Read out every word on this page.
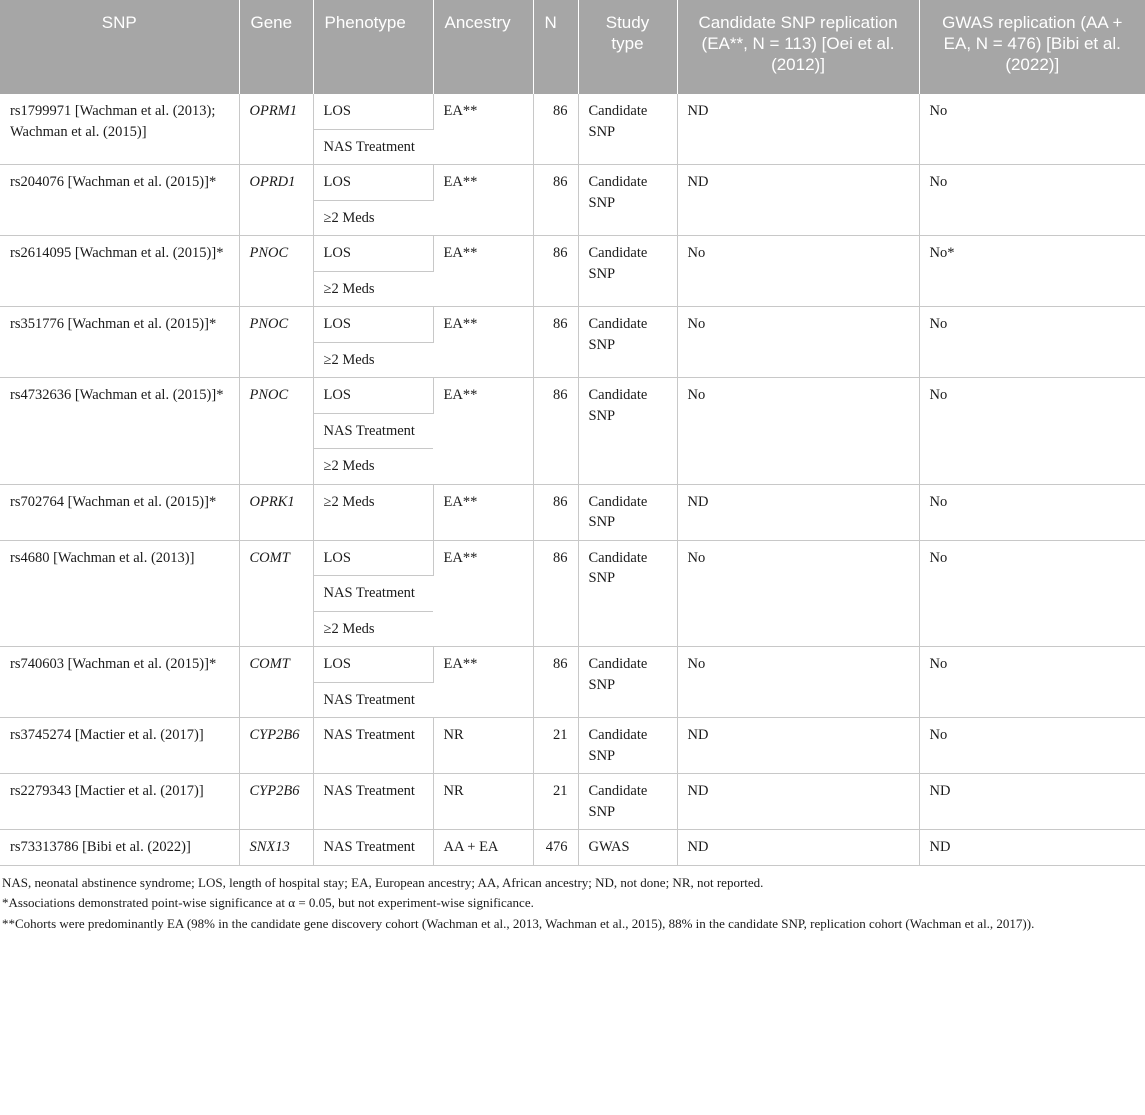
SNP	Gene	Phenotype	Ancestry	N	Study type	Candidate SNP replication (EA**, N = 113) [Oei et al. (2012)]	GWAS replication (AA + EA, N = 476) [Bibi et al. (2022)]
rs1799971 [Wachman et al. (2013); Wachman et al. (2015)]	OPRM1	LOS	EA**	86	Candidate SNP	ND	No
		NAS Treatment					
rs204076 [Wachman et al. (2015)]*	OPRD1	LOS	EA**	86	Candidate SNP	ND	No
		≥2 Meds					
rs2614095 [Wachman et al. (2015)]*	PNOC	LOS	EA**	86	Candidate SNP	No	No*
		≥2 Meds					
rs351776 [Wachman et al. (2015)]*	PNOC	LOS	EA**	86	Candidate SNP	No	No
		≥2 Meds					
rs4732636 [Wachman et al. (2015)]*	PNOC	LOS	EA**	86	Candidate SNP	No	No
		NAS Treatment					
		≥2 Meds					
rs702764 [Wachman et al. (2015)]*	OPRK1	≥2 Meds	EA**	86	Candidate SNP	ND	No
rs4680 [Wachman et al. (2013)]	COMT	LOS	EA**	86	Candidate SNP	No	No
		NAS Treatment					
		≥2 Meds					
rs740603 [Wachman et al. (2015)]*	COMT	LOS	EA**	86	Candidate SNP	No	No
		NAS Treatment					
rs3745274 [Mactier et al. (2017)]	CYP2B6	NAS Treatment	NR	21	Candidate SNP	ND	No
rs2279343 [Mactier et al. (2017)]	CYP2B6	NAS Treatment	NR	21	Candidate SNP	ND	ND
rs73313786 [Bibi et al. (2022)]	SNX13	NAS Treatment	AA + EA	476	GWAS	ND	ND
NAS, neonatal abstinence syndrome; LOS, length of hospital stay; EA, European ancestry; AA, African ancestry; ND, not done; NR, not reported.
*Associations demonstrated point-wise significance at α = 0.05, but not experiment-wise significance.
**Cohorts were predominantly EA (98% in the candidate gene discovery cohort (Wachman et al., 2013, Wachman et al., 2015), 88% in the candidate SNP, replication cohort (Wachman et al., 2017)).
